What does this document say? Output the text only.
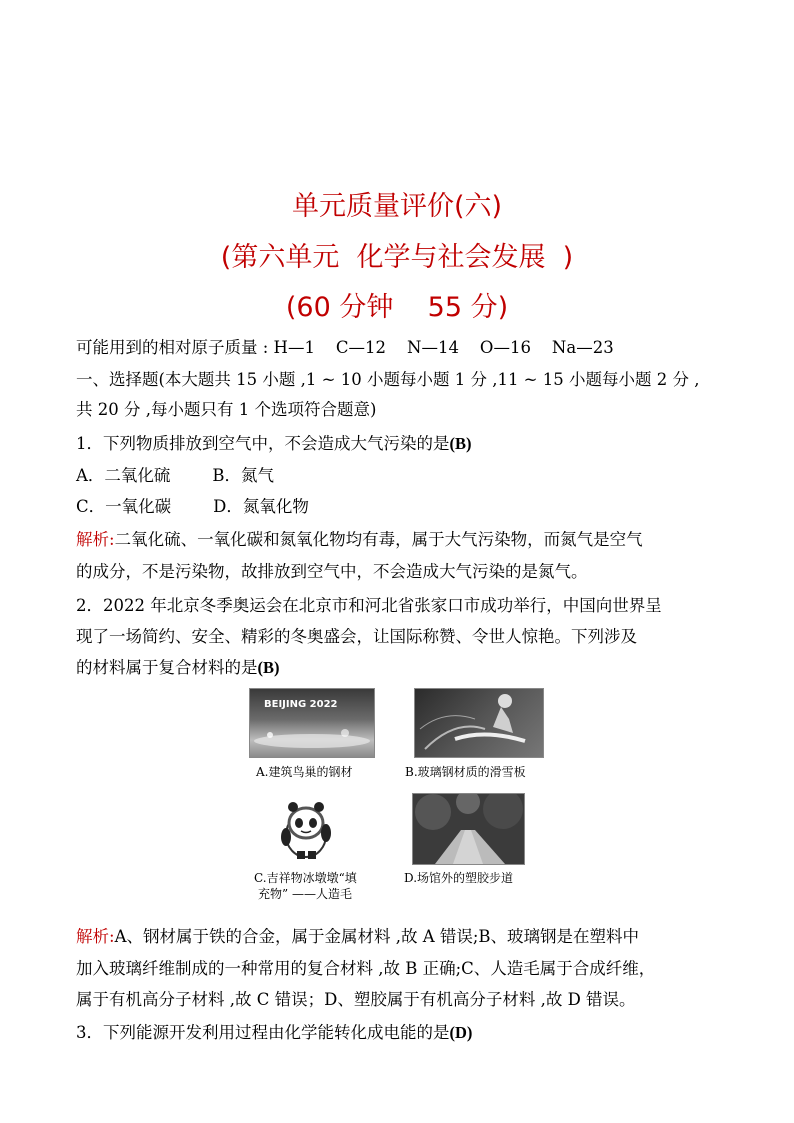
单元质量评价(六)
(第六单元  化学与社会发展  )
(60 分钟    55 分)
可能用到的相对原子质量 : H—1    C—12    N—14    O—16    Na—23
一、选择题(本大题共 15 小题 ,1 ~ 10 小题每小题 1 分 ,11 ~ 15 小题每小题 2 分 ,
共 20 分 ,每小题只有 1 个选项符合题意)
1．下列物质排放到空气中，不会造成大气污染的是(B)
A．二氧化硫        B．氮气
C．一氧化碳        D．氮氧化物
解析:二氧化硫、一氧化碳和氮氧化物均有毒，属于大气污染物，而氮气是空气
的成分，不是污染物，故排放到空气中，不会造成大气污染的是氮气。
2．2022 年北京冬季奥运会在北京市和河北省张家口市成功举行，中国向世界呈
现了一场简约、安全、精彩的冬奥盛会，让国际称赞、令世人惊艳。下列涉及
的材料属于复合材料的是(B)
BEIJING 2022
A.建筑鸟巢的钢材	B.玻璃钢材质的滑雪板
C.吉祥物冰墩墩“填
充物” ——人造毛
D.场馆外的塑胶步道
解析:A、钢材属于铁的合金，属于金属材料 ,故 A 错误;B、玻璃钢是在塑料中
加入玻璃纤维制成的一种常用的复合材料 ,故 B 正确;C、人造毛属于合成纤维，
属于有机高分子材料 ,故 C 错误；D、塑胶属于有机高分子材料 ,故 D 错误。
3．下列能源开发利用过程由化学能转化成电能的是(D)
